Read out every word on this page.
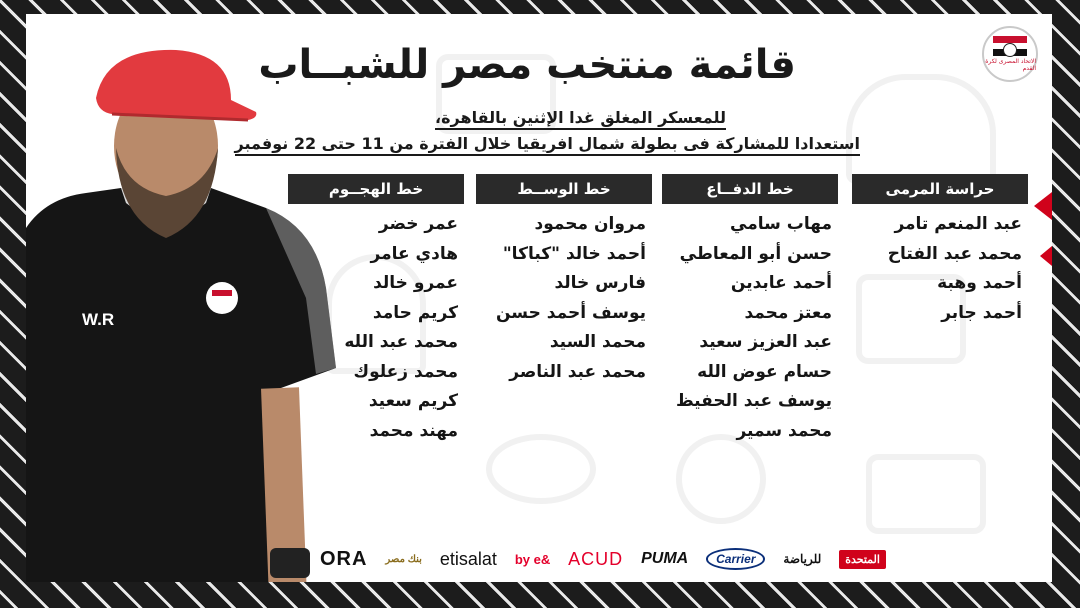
W.R
الاتحاد المصرى لكرة القدم
قائمة منتخب مصر للشبــاب
للمعسكر المغلق غدا الإثنين بالقاهرة،
استعدادا للمشاركة فى بطولة شمال افريقيا خلال الفترة من 11 حتى 22 نوفمبر
حراسة المرمى
عبد المنعم تامر
محمد عبد الفتاح
أحمد وهبة
أحمد جابر
خط الدفــاع
مهاب سامي
حسن أبو المعاطي
أحمد عابدين
معتز محمد
عبد العزيز سعيد
حسام عوض الله
يوسف عبد الحفيظ
محمد سمير
خط الوســط
مروان محمود
أحمد خالد "كباكا"
فارس خالد
يوسف أحمد حسن
محمد السيد
محمد عبد الناصر
خط الهجــوم
عمر خضر
هادي عامر
عمرو خالد
كريم حامد
محمد عبد الله
محمد زعلوك
كريم سعيد
مهند محمد
ORA بنك مصر etisalat by e& ACUD PUMA	Carrier	للرياضة	المتحدة
